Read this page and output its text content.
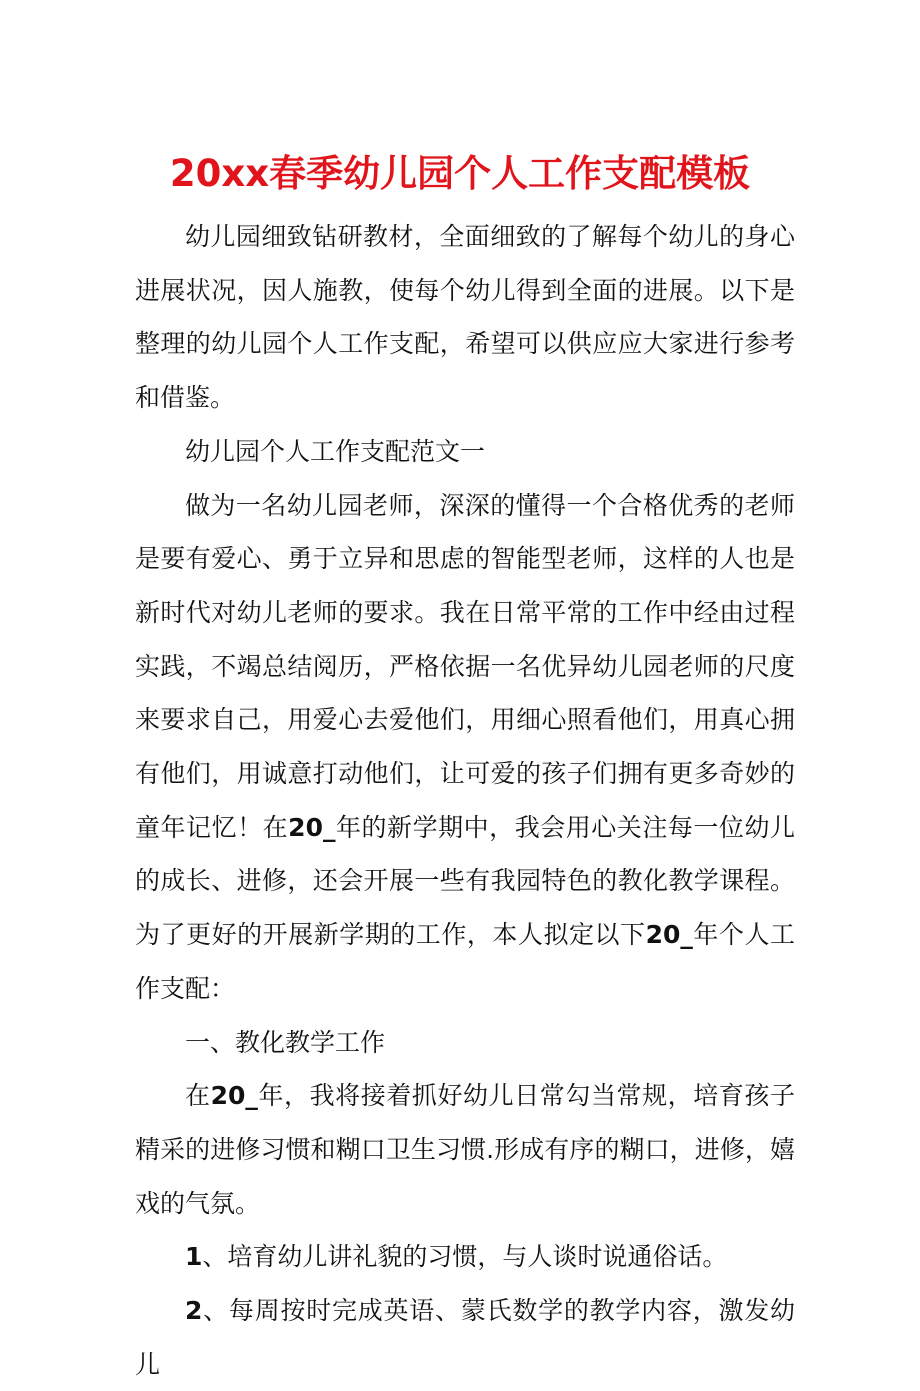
20xx春季幼儿园个人工作支配模板

幼儿园细致钻研教材，全面细致的了解每个幼儿的身心进展状况，因人施教，使每个幼儿得到全面的进展。以下是整理的幼儿园个人工作支配，希望可以供应应大家进行参考和借鉴。

幼儿园个人工作支配范文一

做为一名幼儿园老师，深深的懂得一个合格优秀的老师是要有爱心、勇于立异和思虑的智能型老师，这样的人也是新时代对幼儿老师的要求。我在日常平常的工作中经由过程实践，不竭总结阅历，严格依据一名优异幼儿园老师的尺度来要求自己，用爱心去爱他们，用细心照看他们，用真心拥有他们，用诚意打动他们，让可爱的孩子们拥有更多奇妙的童年记忆！在20_年的新学期中，我会用心关注每一位幼儿的成长、进修，还会开展一些有我园特色的教化教学课程。为了更好的开展新学期的工作，本人拟定以下20_年个人工作支配：

一、教化教学工作

在20_年，我将接着抓好幼儿日常勾当常规，培育孩子精采的进修习惯和糊口卫生习惯.形成有序的糊口，进修，嬉戏的气氛。

1、培育幼儿讲礼貌的习惯，与人谈时说通俗话。

2、每周按时完成英语、蒙氏数学的教学内容，激发幼儿
